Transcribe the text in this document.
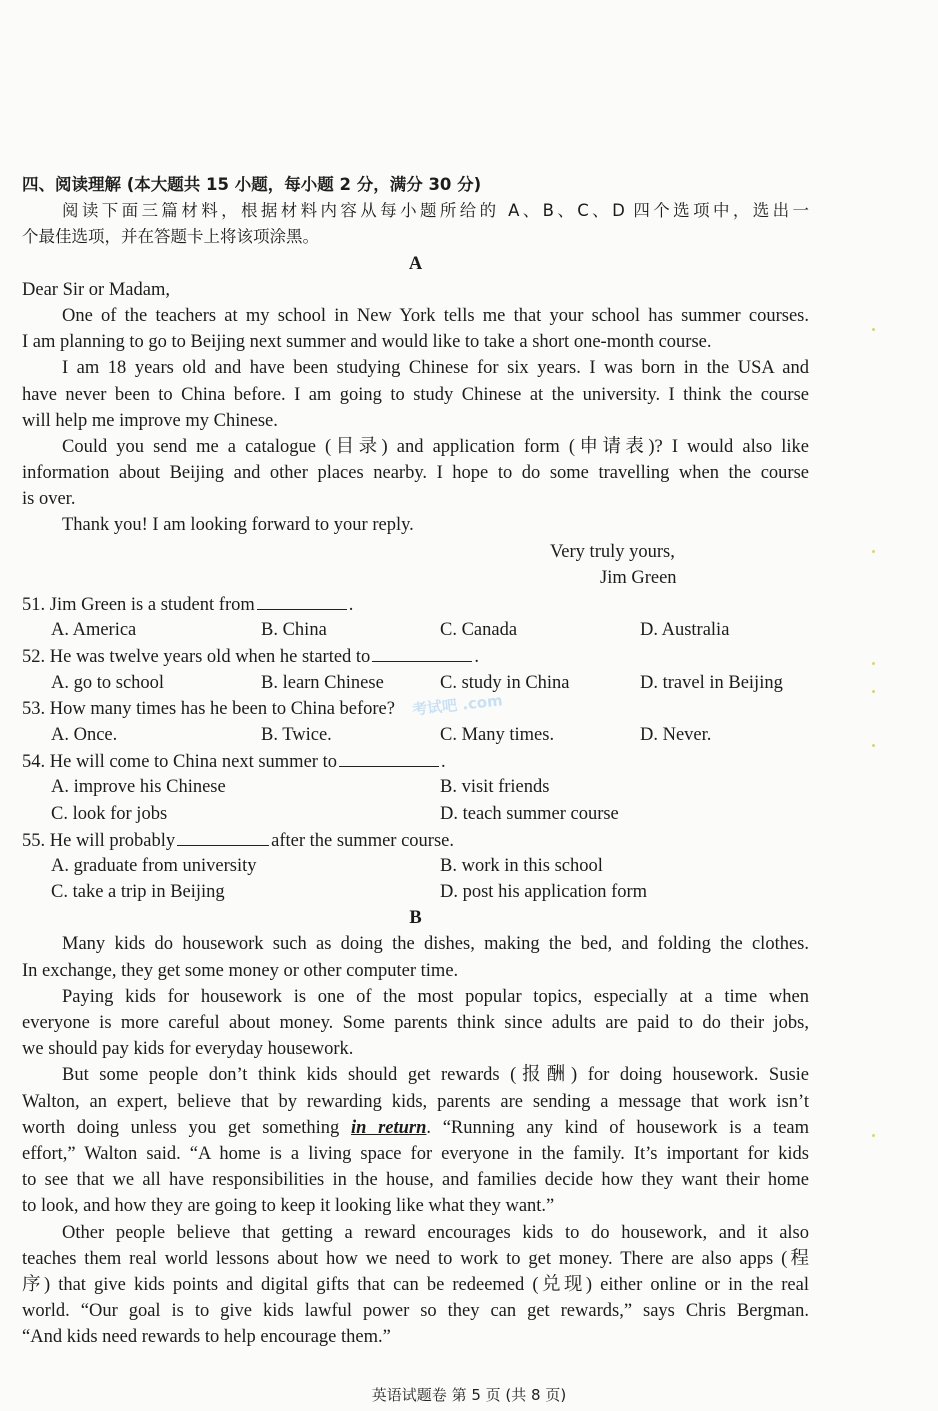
四、阅读理解 (本大题共 15 小题，每小题 2 分，满分 30 分)
阅读下面三篇材料，根据材料内容从每小题所给的 A、B、C、D 四个选项中，选出一
个最佳选项，并在答题卡上将该项涂黑。
A
Dear Sir or Madam,
One of the teachers at my school in New York tells me that your school has summer courses.
I am planning to go to Beijing next summer and would like to take a short one-month course.
I am 18 years old and have been studying Chinese for six years. I was born in the USA and
have never been to China before. I am going to study Chinese at the university. I think the course
will help me improve my Chinese.
Could you send me a catalogue (目录) and application form (申请表)? I would also like
information about Beijing and other places nearby. I hope to do some travelling when the course
is over.
Thank you! I am looking forward to your reply.
Very truly yours,
Jim Green
51. Jim Green is a student from	.
A. America	B. China	C. Canada	D. Australia
52. He was twelve years old when he started to	.
A. go to school	B. learn Chinese	C. study in China	D. travel in Beijing
53. How many times has he been to China before?
A. Once.	B. Twice.	C. Many times.	D. Never.
54. He will come to China next summer to	.
A. improve his Chinese	B. visit friends
C. look for jobs	D. teach summer course
55. He will probably	after the summer course.
A. graduate from university	B. work in this school
C. take a trip in Beijing	D. post his application form
B
Many kids do housework such as doing the dishes, making the bed, and folding the clothes.
In exchange, they get some money or other computer time.
Paying kids for housework is one of the most popular topics, especially at a time when
everyone is more careful about money. Some parents think since adults are paid to do their jobs,
we should pay kids for everyday housework.
But some people don’t think kids should get rewards (报酬) for doing housework. Susie
Walton, an expert, believe that by rewarding kids, parents are sending a message that work isn’t
worth doing unless you get something in return. “Running any kind of housework is a team
effort,” Walton said. “A home is a living space for everyone in the family. It’s important for kids
to see that we all have responsibilities in the house, and families decide how they want their home
to look, and how they are going to keep it looking like what they want.”
Other people believe that getting a reward encourages kids to do housework, and it also
teaches them real world lessons about how we need to work to get money. There are also apps (程
序) that give kids points and digital gifts that can be redeemed (兑现) either online or in the real
world. “Our goal is to give kids lawful power so they can get rewards,” says Chris Bergman.
“And kids need rewards to help encourage them.”
考试吧 .com
英语试题卷 第 5 页 (共 8 页)
